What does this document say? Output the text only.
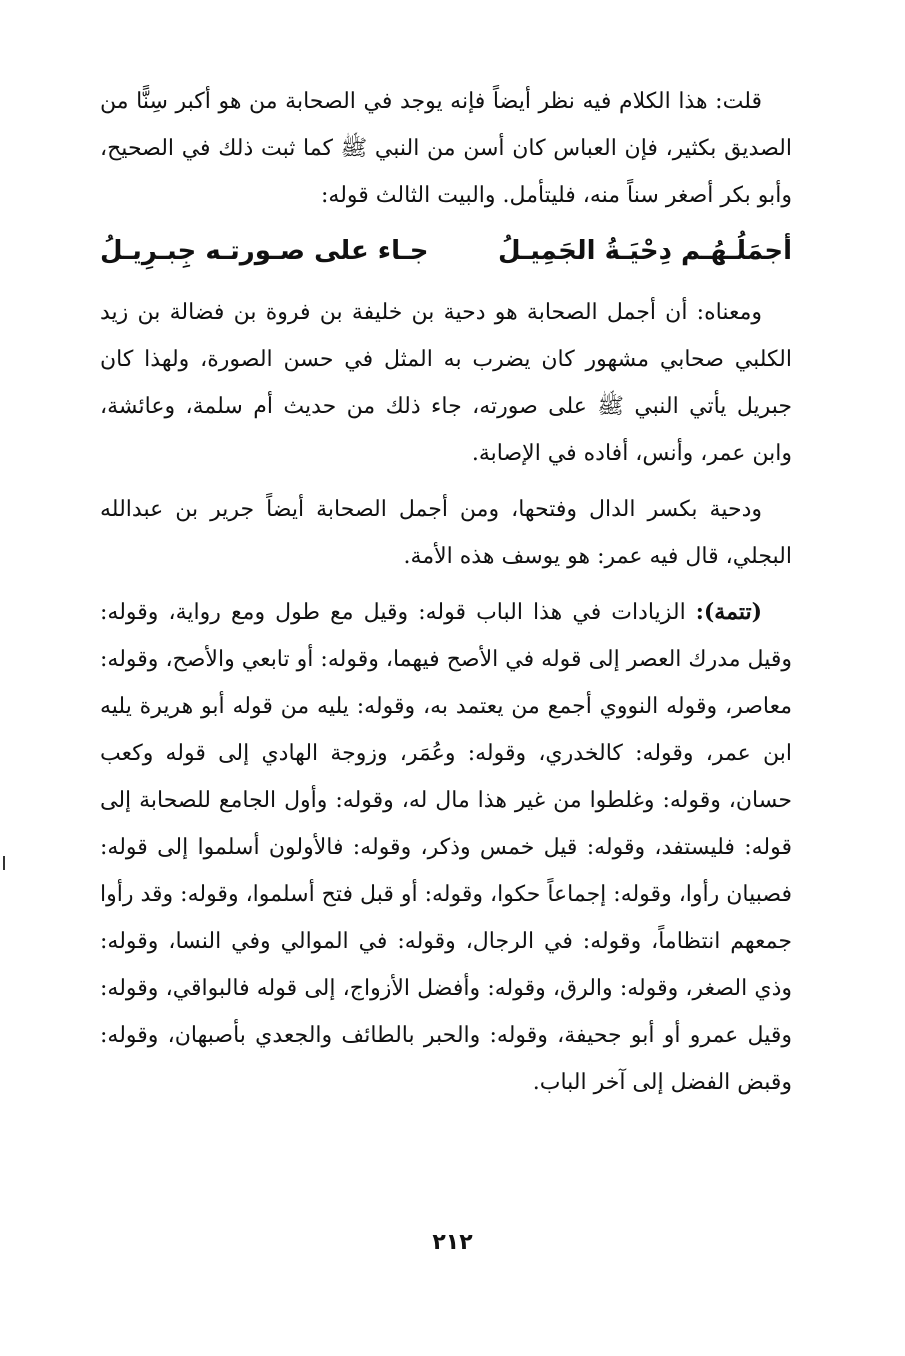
قلت: هذا الكلام فيه نظر أيضاً فإنه يوجد في الصحابة من هو أكبر سِنًّا من الصديق بكثير، فإن العباس كان أسن من النبي ﷺ كما ثبت ذلك في الصحيح، وأبو بكر أصغر سناً منه، فليتأمل. والبيت الثالث قوله:

أجمَلُـهُـم دِحْيَـةُ الجَمِيـلُ
جـاء على صـورتـه جِبـرِيـلُ

ومعناه: أن أجمل الصحابة هو دحية بن خليفة بن فروة بن فضالة بن زيد الكلبي صحابي مشهور كان يضرب به المثل في حسن الصورة، ولهذا كان جبريل يأتي النبي ﷺ على صورته، جاء ذلك من حديث أم سلمة، وعائشة، وابن عمر، وأنس، أفاده في الإصابة.

ودحية بكسر الدال وفتحها، ومن أجمل الصحابة أيضاً جرير بن عبدالله البجلي، قال فيه عمر: هو يوسف هذه الأمة.

(تتمة): الزيادات في هذا الباب قوله: وقيل مع طول ومع رواية، وقوله: وقيل مدرك العصر إلى قوله في الأصح فيهما، وقوله: أو تابعي والأصح، وقوله: معاصر، وقوله النووي أجمع من يعتمد به، وقوله: يليه من قوله أبو هريرة يليه ابن عمر، وقوله: كالخدري، وقوله: وعُمَر، وزوجة الهادي إلى قوله وكعب حسان، وقوله: وغلطوا من غير هذا مال له، وقوله: وأول الجامع للصحابة إلى قوله: فليستفد، وقوله: قيل خمس وذكر، وقوله: فالأولون أسلموا إلى قوله: فصبيان رأوا، وقوله: إجماعاً حكوا، وقوله: أو قبل فتح أسلموا، وقوله: وقد رأوا جمعهم انتظاماً، وقوله: في الرجال، وقوله: في الموالي وفي النسا، وقوله: وذي الصغر، وقوله: والرق، وقوله: وأفضل الأزواج، إلى قوله فالبواقي، وقوله: وقيل عمرو أو أبو جحيفة، وقوله: والحبر بالطائف والجعدي بأصبهان، وقوله: وقبض الفضل إلى آخر الباب.

٢١٢
